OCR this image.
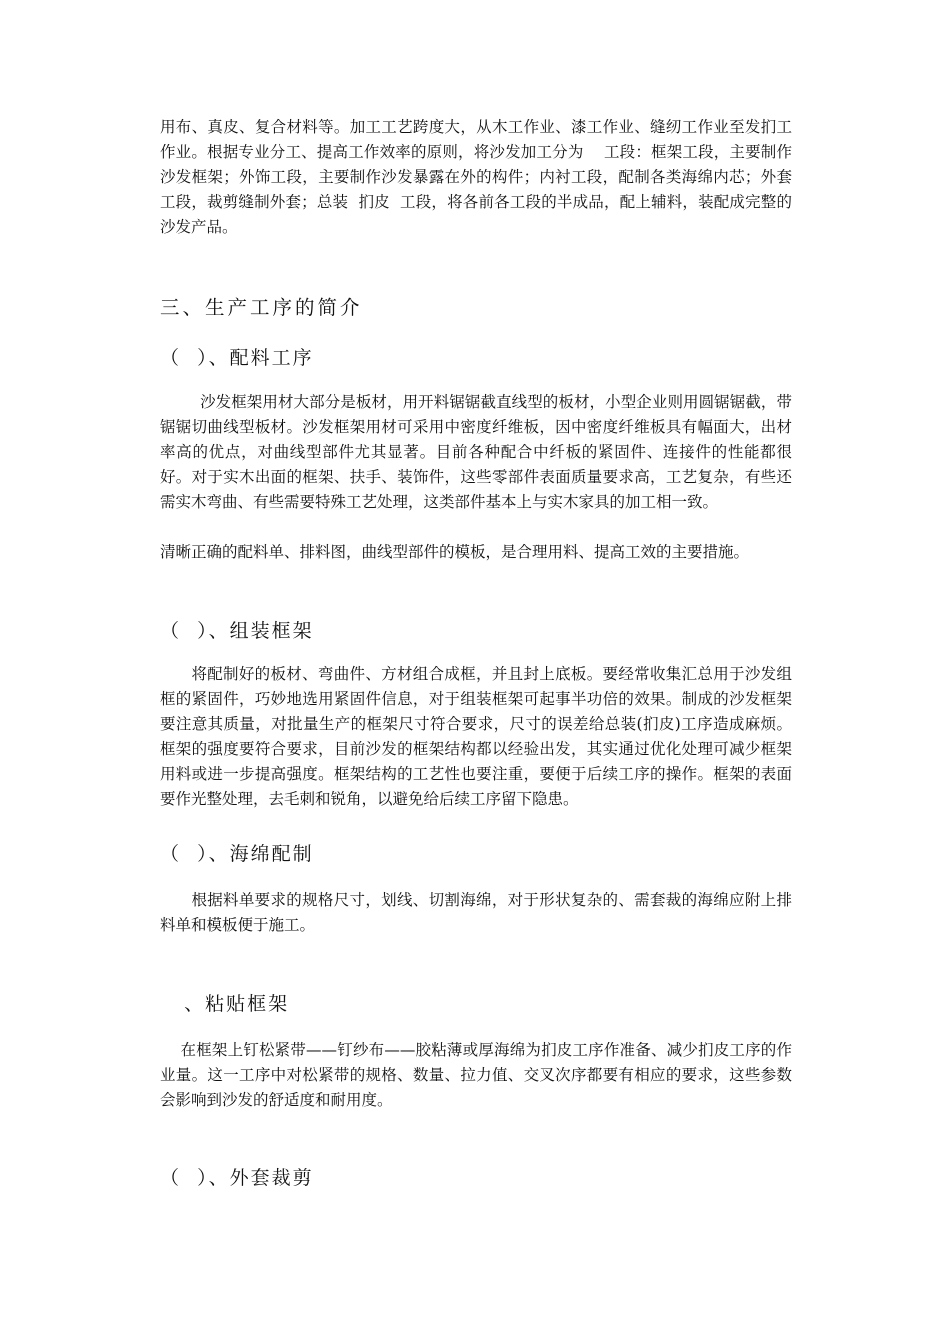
用布、真皮、复合材料等。加工工艺跨度大，从木工作业、漆工作业、缝纫工作业至发扪工作业。根据专业分工、提高工作效率的原则，将沙发加工分为    工段：框架工段，主要制作沙发框架；外饰工段，主要制作沙发暴露在外的构件；内衬工段，配制各类海绵内芯；外套工段，裁剪缝制外套；总装  扪皮  工段，将各前各工段的半成品，配上辅料，装配成完整的沙发产品。

三、生产工序的简介
（  ）、配料工序

沙发框架用材大部分是板材，用开料锯锯截直线型的板材，小型企业则用圆锯锯截，带锯锯切曲线型板材。沙发框架用材可采用中密度纤维板，因中密度纤维板具有幅面大，出材率高的优点，对曲线型部件尤其显著。目前各种配合中纤板的紧固件、连接件的性能都很好。对于实木出面的框架、扶手、装饰件，这些零部件表面质量要求高，工艺复杂，有些还需实木弯曲、有些需要特殊工艺处理，这类部件基本上与实木家具的加工相一致。

清晰正确的配料单、排料图，曲线型部件的模板，是合理用料、提高工效的主要措施。

（  ）、组装框架

将配制好的板材、弯曲件、方材组合成框，并且封上底板。要经常收集汇总用于沙发组框的紧固件，巧妙地选用紧固件信息，对于组装框架可起事半功倍的效果。制成的沙发框架要注意其质量，对批量生产的框架尺寸符合要求，尺寸的误差给总装(扪皮)工序造成麻烦。框架的强度要符合要求，目前沙发的框架结构都以经验出发，其实通过优化处理可减少框架用料或进一步提高强度。框架结构的工艺性也要注重，要便于后续工序的操作。框架的表面要作光整处理，去毛刺和锐角，以避免给后续工序留下隐患。

（  ）、海绵配制

根据料单要求的规格尺寸，划线、切割海绵，对于形状复杂的、需套裁的海绵应附上排料单和模板便于施工。

、粘贴框架

在框架上钉松紧带——钉纱布——胶粘薄或厚海绵为扪皮工序作准备、减少扪皮工序的作业量。这一工序中对松紧带的规格、数量、拉力值、交叉次序都要有相应的要求，这些参数会影响到沙发的舒适度和耐用度。

（  ）、外套裁剪
